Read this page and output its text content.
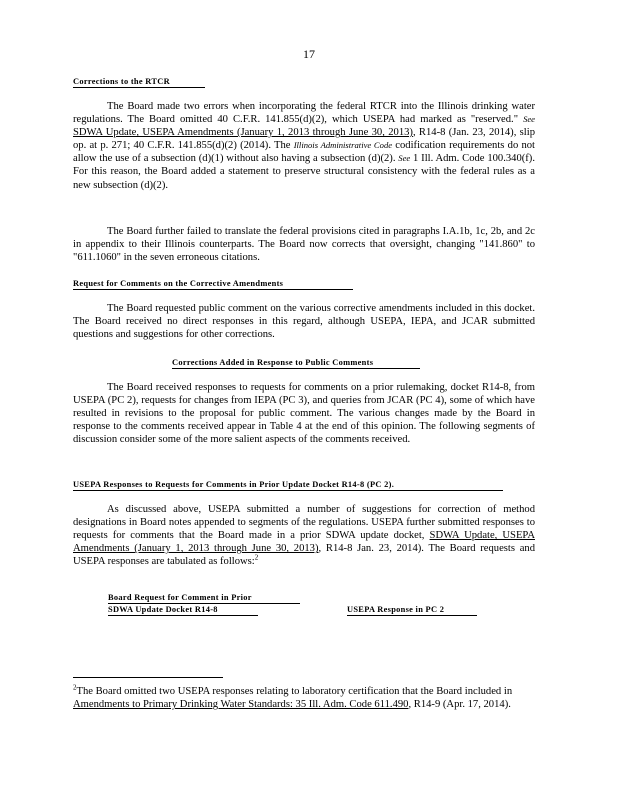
17
Corrections to the RTCR
The Board made two errors when incorporating the federal RTCR into the Illinois drinking water regulations. The Board omitted 40 C.F.R. 141.855(d)(2), which USEPA had marked as "reserved." See SDWA Update, USEPA Amendments (January 1, 2013 through June 30, 2013), R14-8 (Jan. 23, 2014), slip op. at p. 271; 40 C.F.R. 141.855(d)(2) (2014). The Illinois Administrative Code codification requirements do not allow the use of a subsection (d)(1) without also having a subsection (d)(2). See 1 Ill. Adm. Code 100.340(f). For this reason, the Board added a statement to preserve structural consistency with the federal rules as a new subsection (d)(2).
The Board further failed to translate the federal provisions cited in paragraphs I.A.1b, 1c, 2b, and 2c in appendix to their Illinois counterparts. The Board now corrects that oversight, changing "141.860" to "611.1060" in the seven erroneous citations.
Request for Comments on the Corrective Amendments
The Board requested public comment on the various corrective amendments included in this docket. The Board received no direct responses in this regard, although USEPA, IEPA, and JCAR submitted questions and suggestions for other corrections.
Corrections Added in Response to Public Comments
The Board received responses to requests for comments on a prior rulemaking, docket R14-8, from USEPA (PC 2), requests for changes from IEPA (PC 3), and queries from JCAR (PC 4), some of which have resulted in revisions to the proposal for public comment. The various changes made by the Board in response to the comments received appear in Table 4 at the end of this opinion. The following segments of discussion consider some of the more salient aspects of the comments received.
USEPA Responses to Requests for Comments in Prior Update Docket R14-8 (PC 2).
As discussed above, USEPA submitted a number of suggestions for correction of method designations in Board notes appended to segments of the regulations. USEPA further submitted responses to requests for comments that the Board made in a prior SDWA update docket, SDWA Update, USEPA Amendments (January 1, 2013 through June 30, 2013), R14-8 Jan. 23, 2014). The Board requests and USEPA responses are tabulated as follows:$^2$
Board Request for Comment in Prior
SDWA Update Docket R14-8	USEPA Response in PC 2
$^2$The Board omitted two USEPA responses relating to laboratory certification that the Board included in Amendments to Primary Drinking Water Standards: 35 Ill. Adm. Code 611.490, R14-9 (Apr. 17, 2014).
